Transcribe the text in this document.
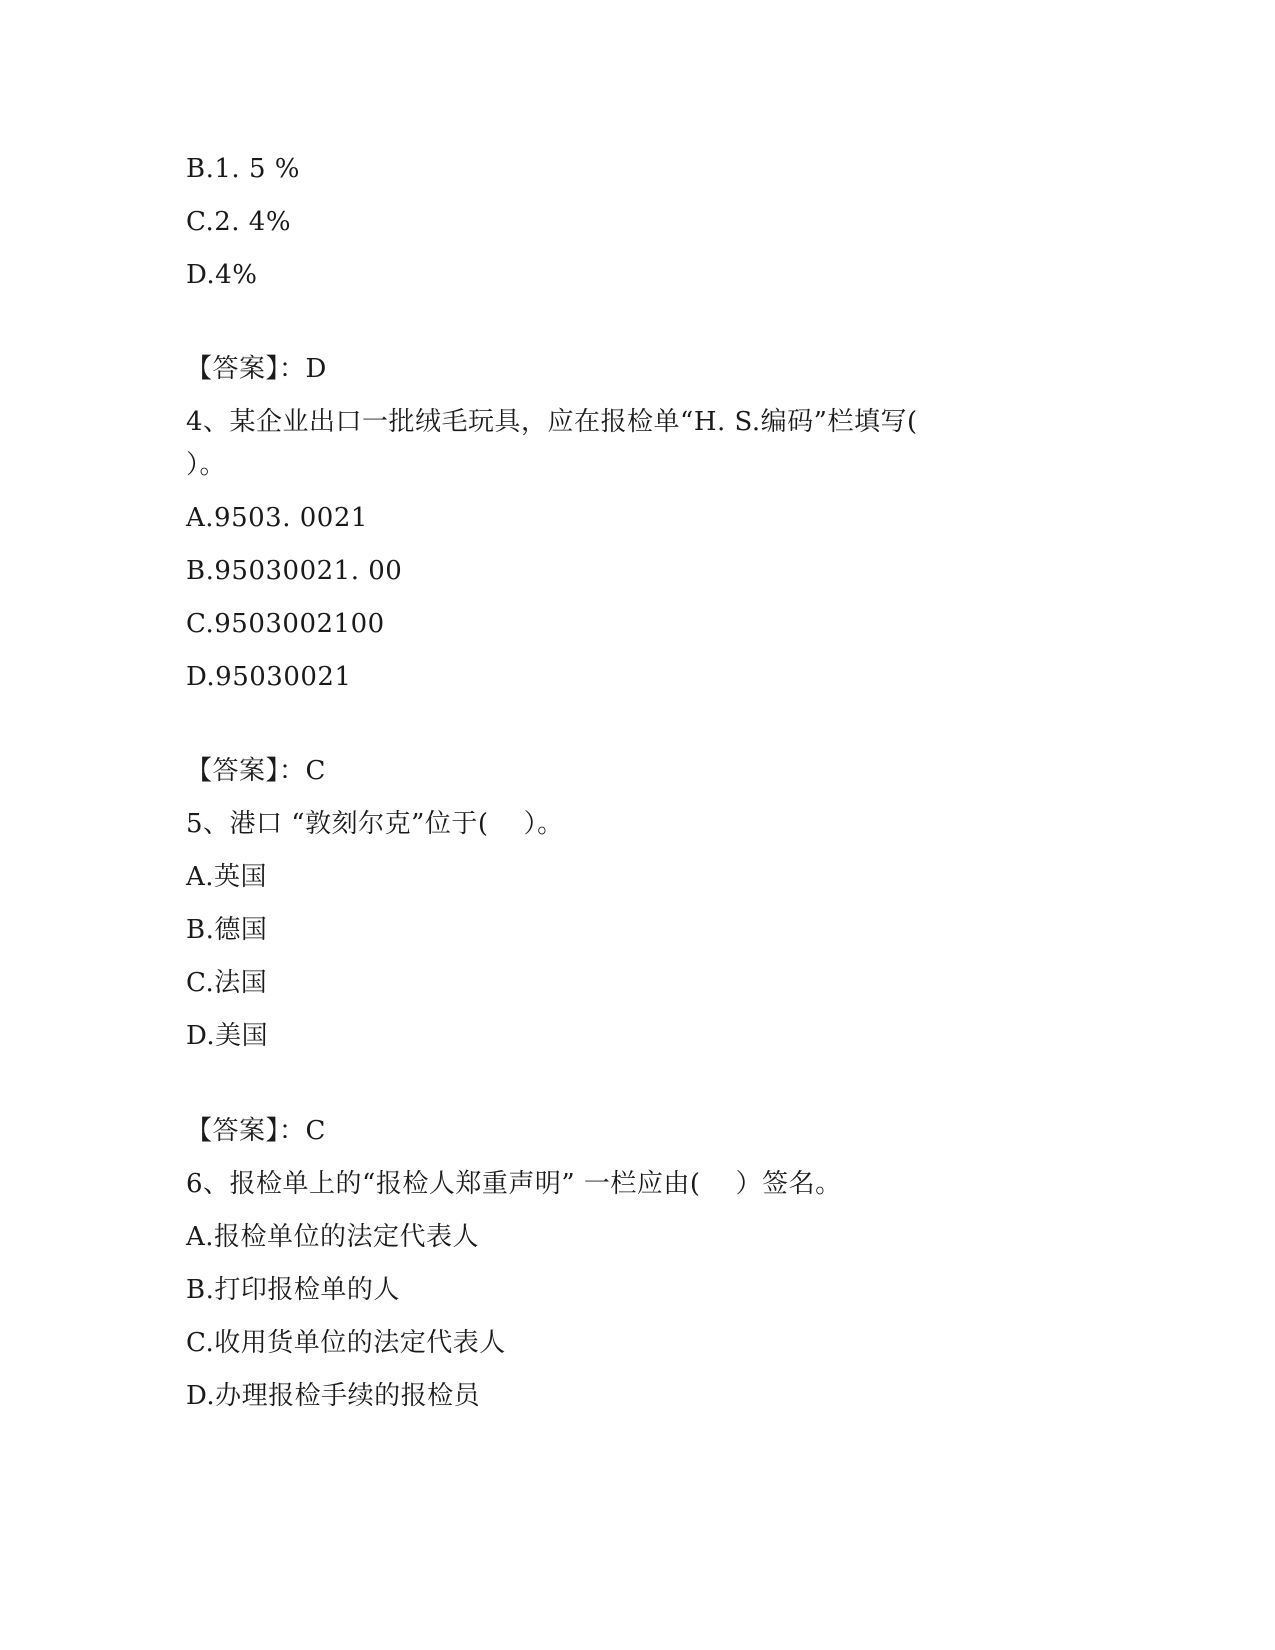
B.1. 5 %
C.2. 4%
D.4%
【答案】：D
4、某企业出口一批绒毛玩具，应在报检单“H. S.编码”栏填写(
）。
A.9503. 0021
B.95030021. 00
C.9503002100
D.95030021
【答案】：C
5、港口 “敦刻尔克”位于(    ）。
A.英国
B.德国
C.法国
D.美国
【答案】：C
6、报检单上的“报检人郑重声明” 一栏应由(    ）签名。
A.报检单位的法定代表人
B.打印报检单的人
C.收用货单位的法定代表人
D.办理报检手续的报检员
